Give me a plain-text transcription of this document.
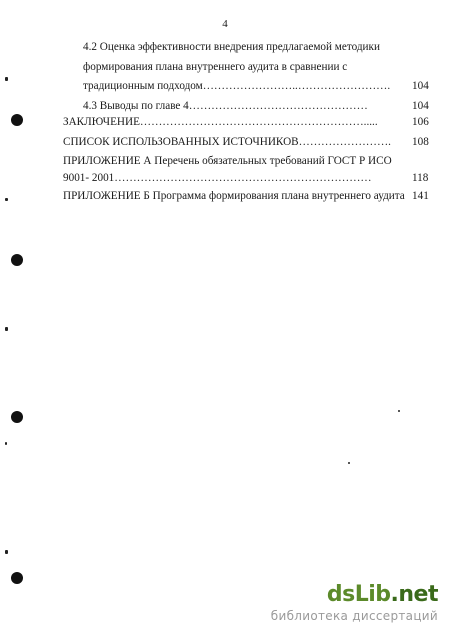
4
4.2 Оценка эффективности внедрения предлагаемой методики
формирования плана внутреннего аудита в сравнении с
традиционным подходом……………………..……………………. 104
4.3 Выводы по главе 4…………………………………………	104
ЗАКЛЮЧЕНИЕ…………………………………………………….....	106
СПИСОК ИСПОЛЬЗОВАННЫХ ИСТОЧНИКОВ……………………. 108
ПРИЛОЖЕНИЕ А Перечень обязательных требований ГОСТ Р ИСО
9001- 2001……………………………………………………………	118
ПРИЛОЖЕНИЕ Б Программа формирования плана внутреннего аудита 141
dsLib.net
библиотека диссертаций
